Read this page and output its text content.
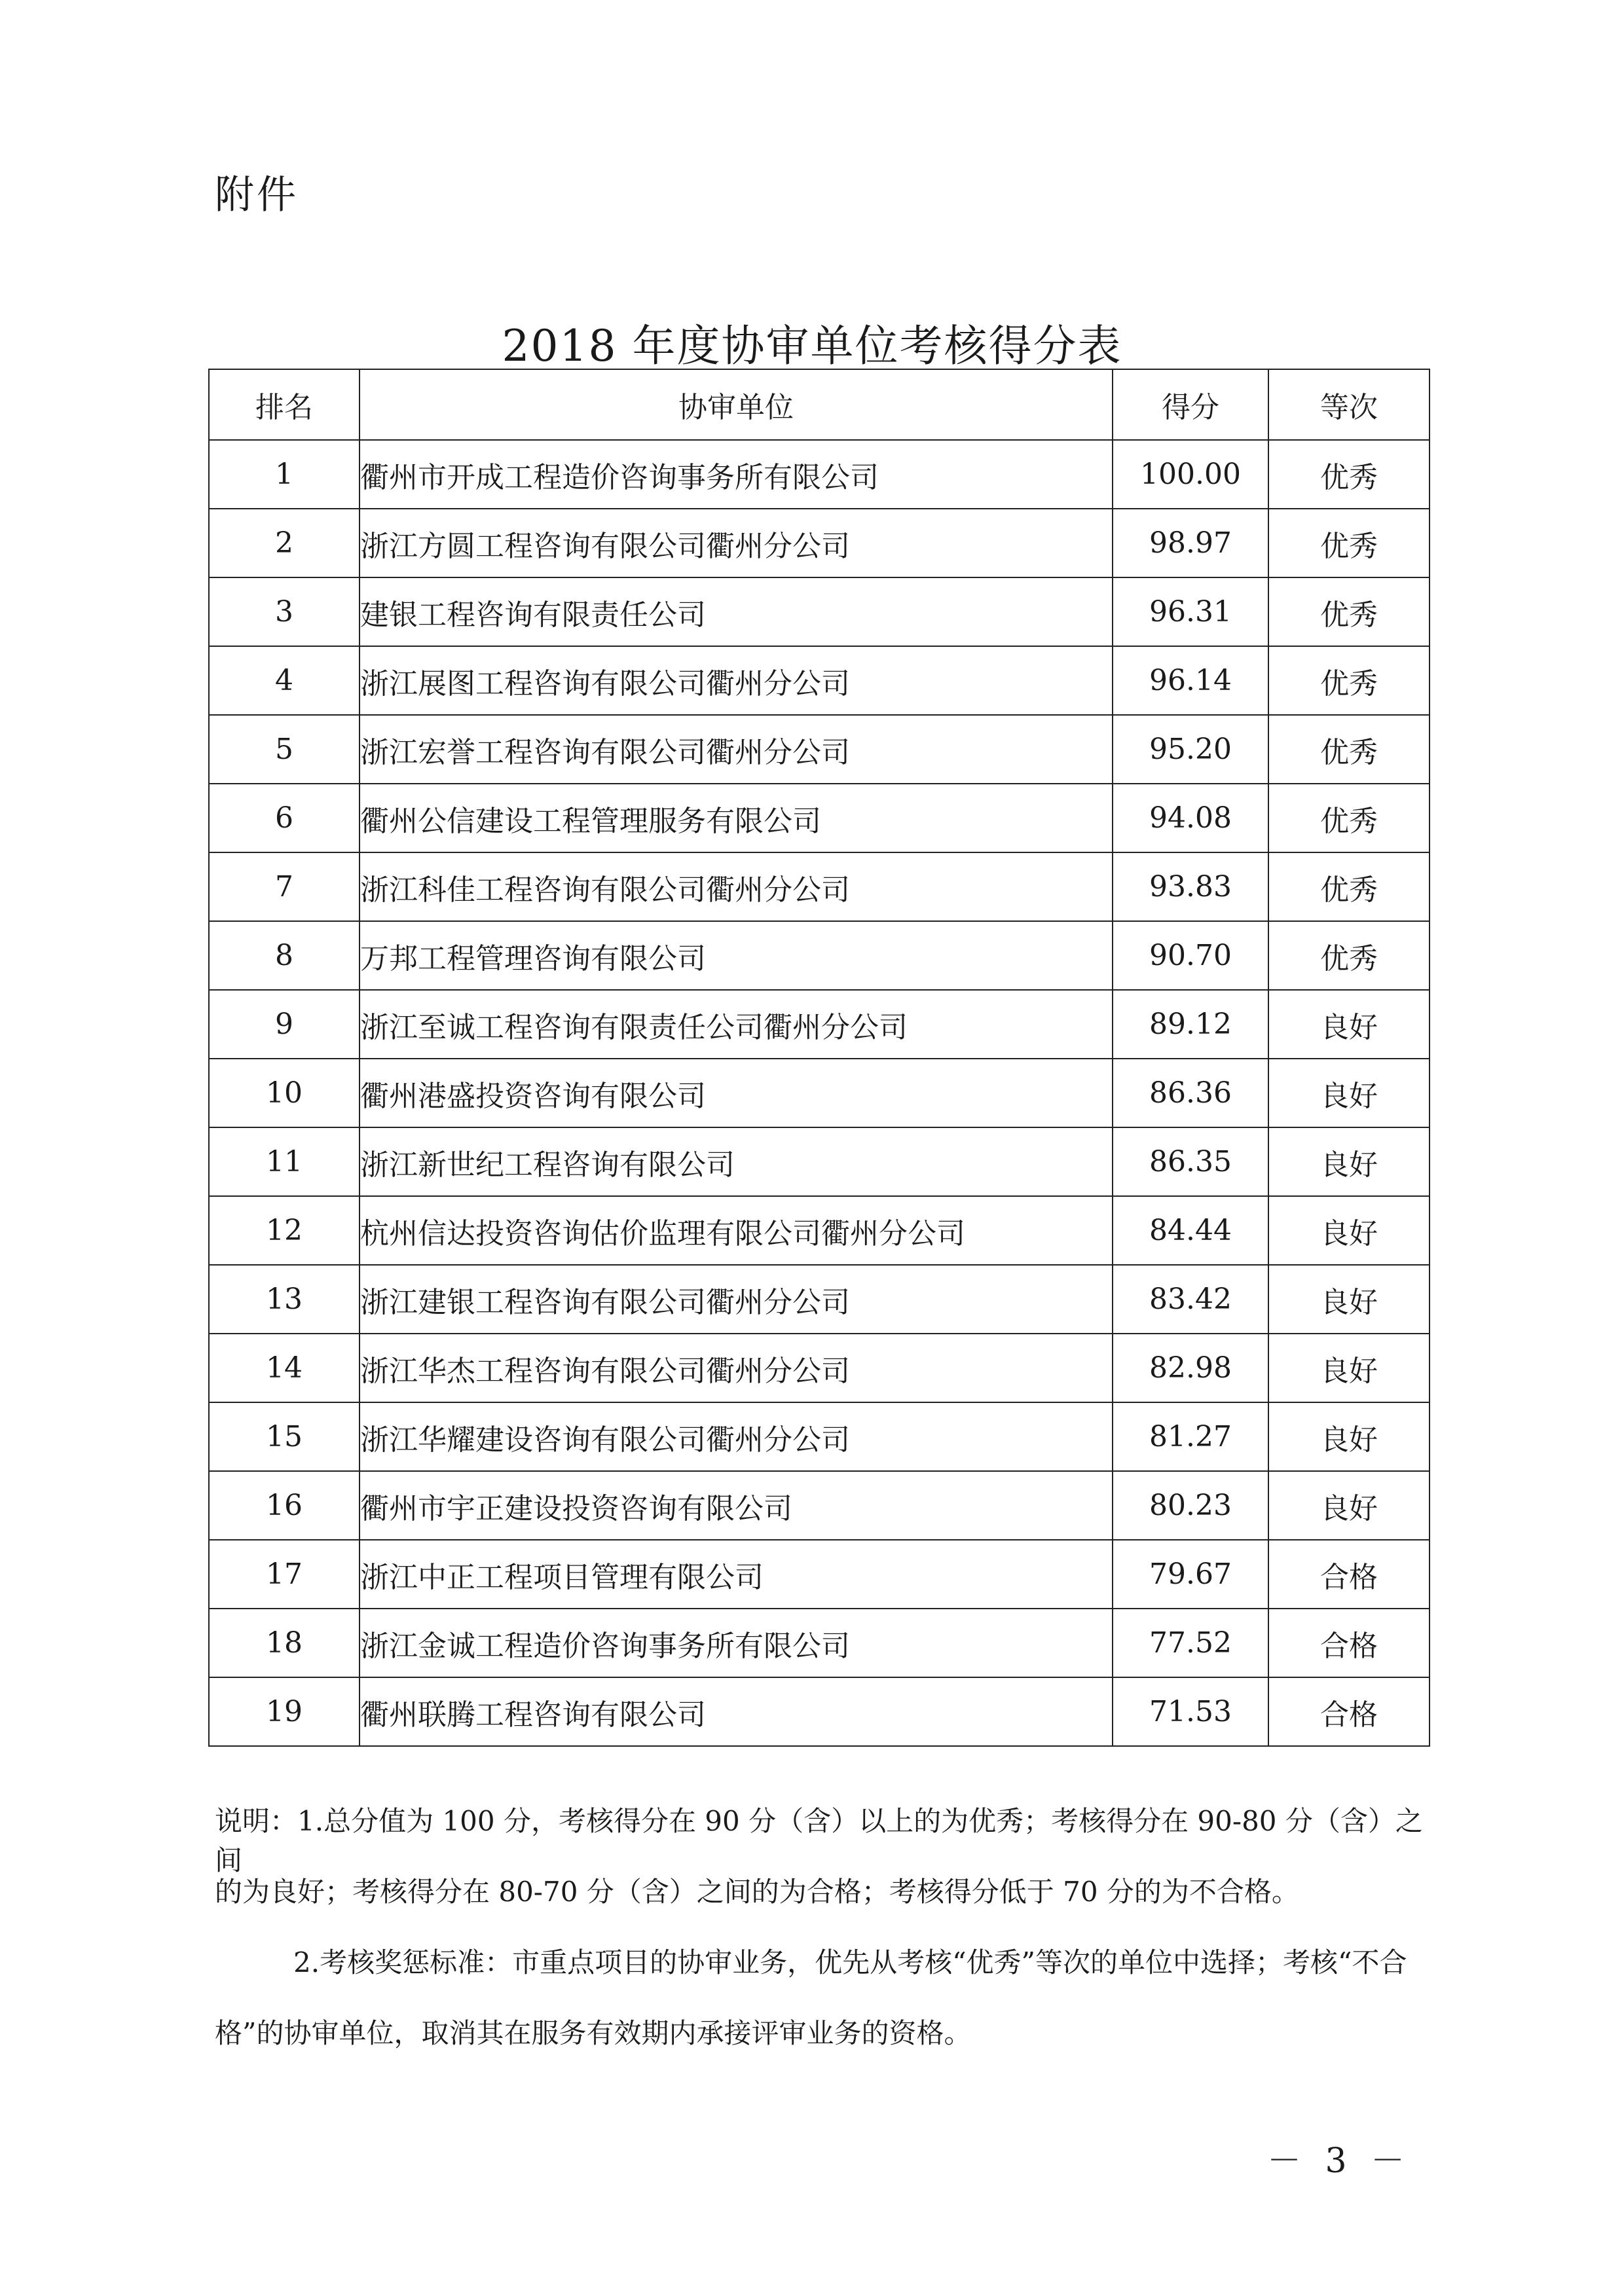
附件
2018 年度协审单位考核得分表
排名	协审单位	得分	等次
1	衢州市开成工程造价咨询事务所有限公司	100.00	优秀
2	浙江方圆工程咨询有限公司衢州分公司	98.97	优秀
3	建银工程咨询有限责任公司	96.31	优秀
4	浙江展图工程咨询有限公司衢州分公司	96.14	优秀
5	浙江宏誉工程咨询有限公司衢州分公司	95.20	优秀
6	衢州公信建设工程管理服务有限公司	94.08	优秀
7	浙江科佳工程咨询有限公司衢州分公司	93.83	优秀
8	万邦工程管理咨询有限公司	90.70	优秀
9	浙江至诚工程咨询有限责任公司衢州分公司	89.12	良好
10	衢州港盛投资咨询有限公司	86.36	良好
11	浙江新世纪工程咨询有限公司	86.35	良好
12	杭州信达投资咨询估价监理有限公司衢州分公司	84.44	良好
13	浙江建银工程咨询有限公司衢州分公司	83.42	良好
14	浙江华杰工程咨询有限公司衢州分公司	82.98	良好
15	浙江华耀建设咨询有限公司衢州分公司	81.27	良好
16	衢州市宇正建设投资咨询有限公司	80.23	良好
17	浙江中正工程项目管理有限公司	79.67	合格
18	浙江金诚工程造价咨询事务所有限公司	77.52	合格
19	衢州联腾工程咨询有限公司	71.53	合格
说明：1.总分值为 100 分，考核得分在 90 分（含）以上的为优秀；考核得分在 90-80 分（含）之间
的为良好；考核得分在 80-70 分（含）之间的为合格；考核得分低于 70 分的为不合格。
2.考核奖惩标准：市重点项目的协审业务，优先从考核“优秀”等次的单位中选择；考核“不合
格”的协审单位，取消其在服务有效期内承接评审业务的资格。
－ 3 －
